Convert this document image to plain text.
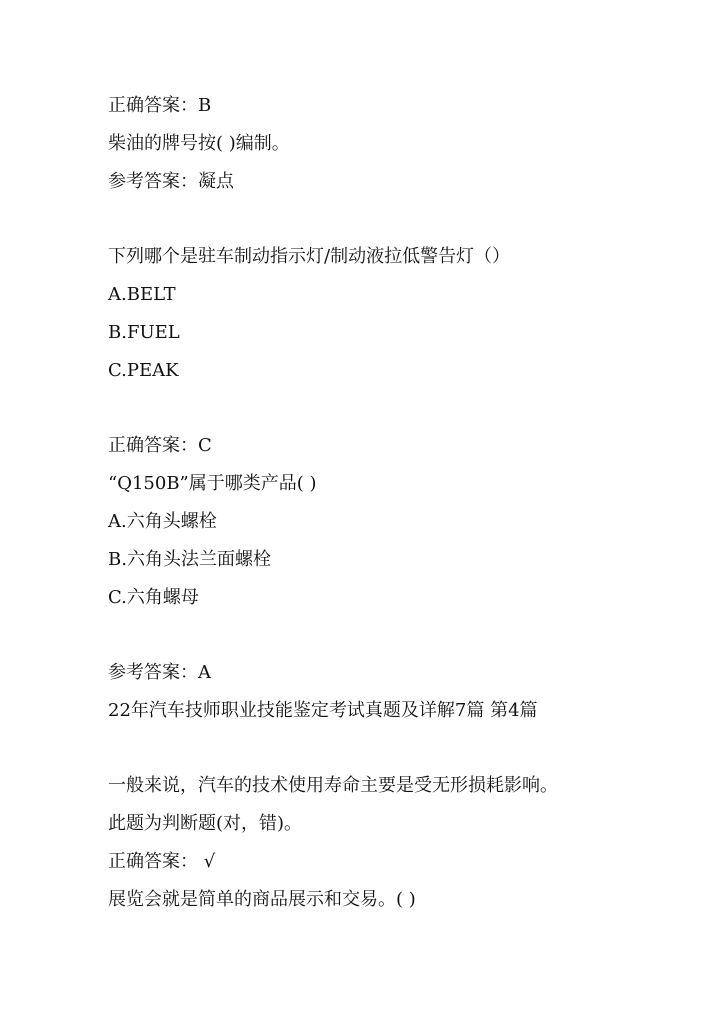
正确答案：B
柴油的牌号按( )编制。
参考答案：凝点
下列哪个是驻车制动指示灯/制动液拉低警告灯（）
A.BELT
B.FUEL
C.PEAK
正确答案：C
“Q150B”属于哪类产品( )
A.六角头螺栓
B.六角头法兰面螺栓
C.六角螺母
参考答案：A
22年汽车技师职业技能鉴定考试真题及详解7篇 第4篇
一般来说，汽车的技术使用寿命主要是受无形损耗影响。
此题为判断题(对，错)。
正确答案： √
展览会就是简单的商品展示和交易。( )
